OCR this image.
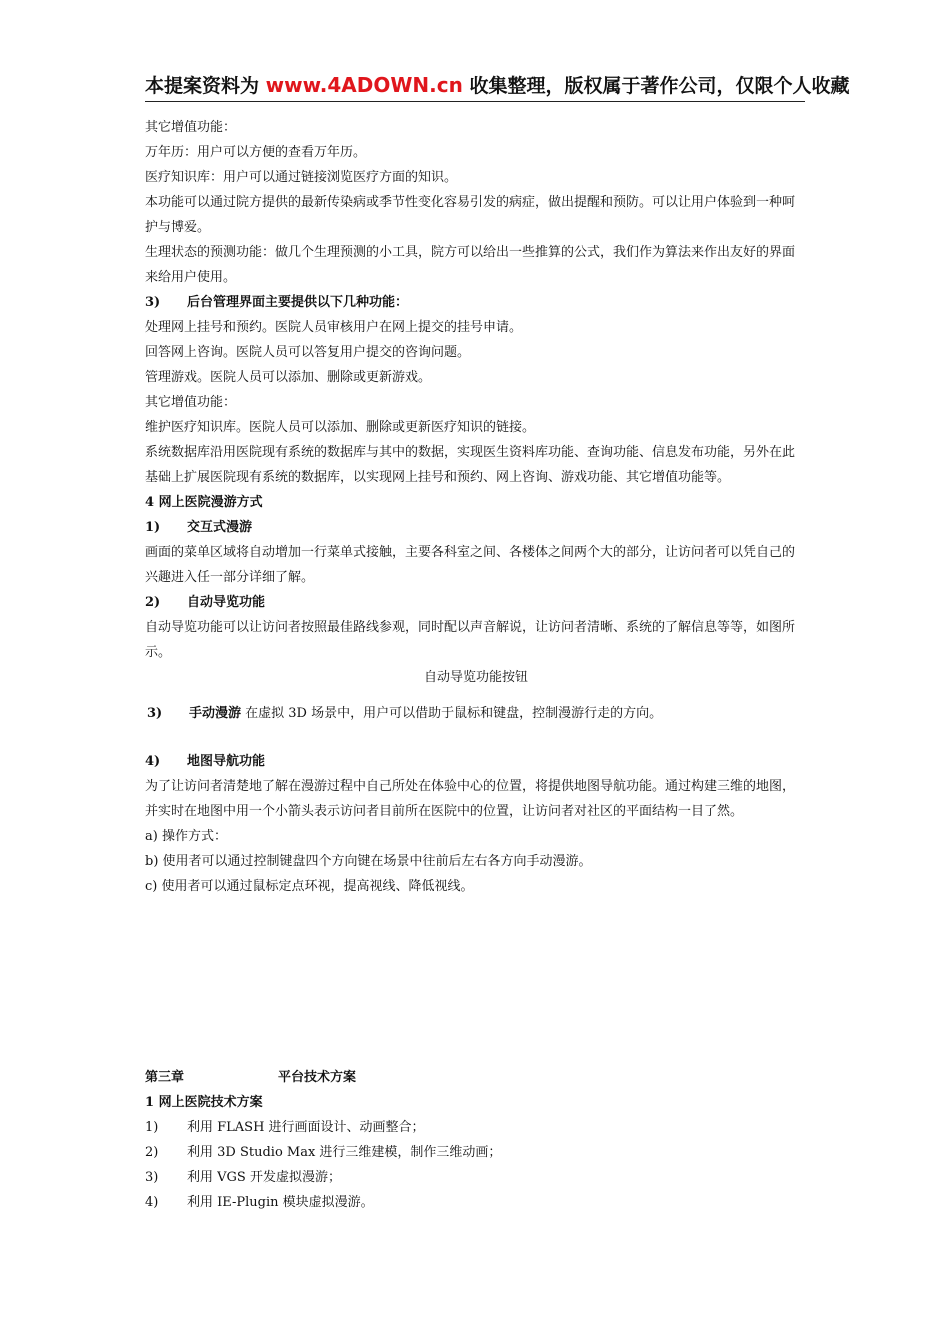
本提案资料为 www.4ADOWN.cn 收集整理，版权属于著作公司，仅限个人收藏

其它增值功能：

万年历：用户可以方便的查看万年历。

医疗知识库：用户可以通过链接浏览医疗方面的知识。

本功能可以通过院方提供的最新传染病或季节性变化容易引发的病症，做出提醒和预防。可以让用户体验到一种呵护与博爱。

生理状态的预测功能：做几个生理预测的小工具，院方可以给出一些推算的公式，我们作为算法来作出友好的界面来给用户使用。

3) 后台管理界面主要提供以下几种功能：

处理网上挂号和预约。医院人员审核用户在网上提交的挂号申请。

回答网上咨询。医院人员可以答复用户提交的咨询问题。

管理游戏。医院人员可以添加、删除或更新游戏。

其它增值功能：

维护医疗知识库。医院人员可以添加、删除或更新医疗知识的链接。

系统数据库沿用医院现有系统的数据库与其中的数据，实现医生资料库功能、查询功能、信息发布功能，另外在此基础上扩展医院现有系统的数据库，以实现网上挂号和预约、网上咨询、游戏功能、其它增值功能等。

4 网上医院漫游方式

1) 交互式漫游

画面的菜单区域将自动增加一行菜单式接触，主要各科室之间、各楼体之间两个大的部分，让访问者可以凭自己的兴趣进入任一部分详细了解。

2) 自动导览功能

自动导览功能可以让访问者按照最佳路线参观，同时配以声音解说，让访问者清晰、系统的了解信息等等，如图所示。

自动导览功能按钮

3) 手动漫游 在虚拟 3D 场景中，用户可以借助于鼠标和键盘，控制漫游行走的方向。

4) 地图导航功能

为了让访问者清楚地了解在漫游过程中自己所处在体验中心的位置，将提供地图导航功能。通过构建三维的地图，并实时在地图中用一个小箭头表示访问者目前所在医院中的位置，让访问者对社区的平面结构一目了然。

a) 操作方式：

b) 使用者可以通过控制键盘四个方向键在场景中往前后左右各方向手动漫游。

c) 使用者可以通过鼠标定点环视，提高视线、降低视线。

第三章	平台技术方案

1 网上医院技术方案

1) 利用 FLASH 进行画面设计、动画整合；

2) 利用 3D Studio Max 进行三维建模，制作三维动画；

3) 利用 VGS 开发虚拟漫游；

4) 利用 IE-Plugin 模块虚拟漫游。
